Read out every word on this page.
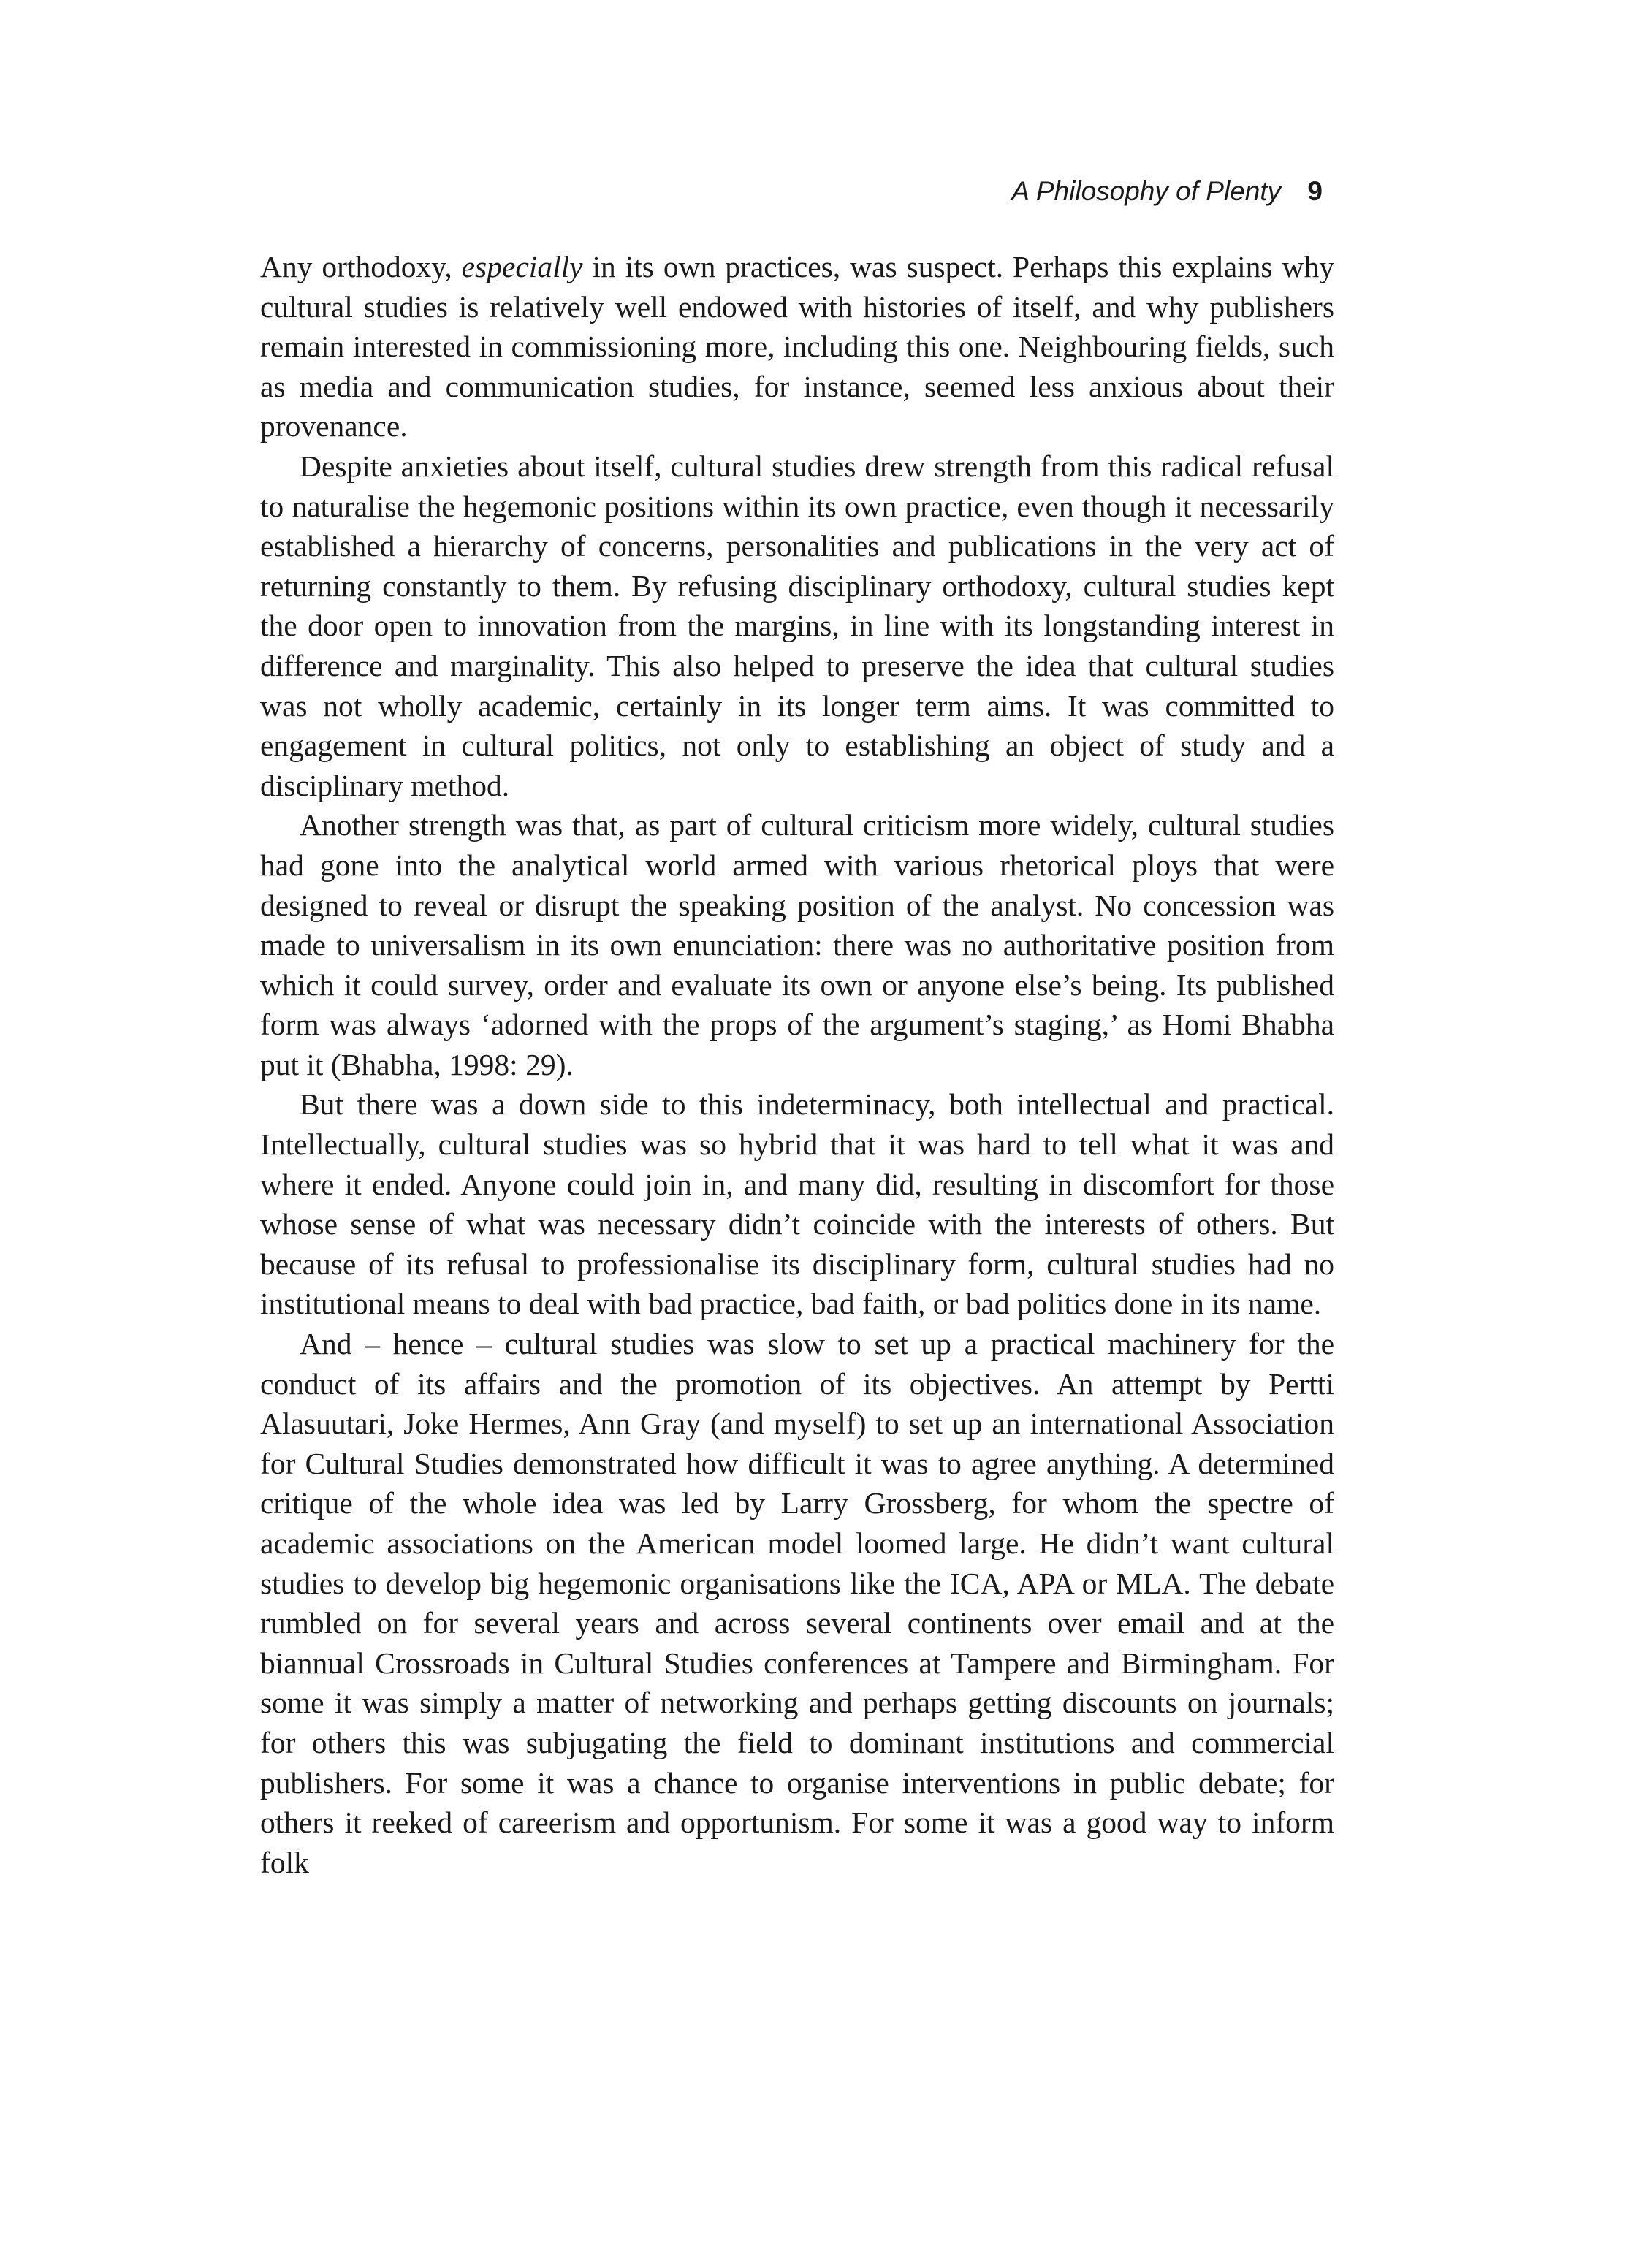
A Philosophy of Plenty 9

Any orthodoxy, especially in its own practices, was suspect. Perhaps this explains why cultural studies is relatively well endowed with histories of itself, and why publishers remain interested in commissioning more, including this one. Neighbouring fields, such as media and communication studies, for instance, seemed less anxious about their provenance.

Despite anxieties about itself, cultural studies drew strength from this radical refusal to naturalise the hegemonic positions within its own practice, even though it necessarily established a hierarchy of concerns, personalities and publications in the very act of returning constantly to them. By refusing disciplinary orthodoxy, cultural studies kept the door open to innovation from the margins, in line with its longstanding interest in difference and marginality. This also helped to preserve the idea that cultural studies was not wholly academic, certainly in its longer term aims. It was committed to engagement in cultural politics, not only to establishing an object of study and a disciplinary method.

Another strength was that, as part of cultural criticism more widely, cultural studies had gone into the analytical world armed with various rhetorical ploys that were designed to reveal or disrupt the speaking position of the analyst. No concession was made to universalism in its own enunciation: there was no authoritative position from which it could survey, order and evaluate its own or anyone else’s being. Its published form was always ‘adorned with the props of the argument’s staging,’ as Homi Bhabha put it (Bhabha, 1998: 29).

But there was a down side to this indeterminacy, both intellectual and practical. Intellectually, cultural studies was so hybrid that it was hard to tell what it was and where it ended. Anyone could join in, and many did, resulting in discomfort for those whose sense of what was necessary didn’t coincide with the interests of others. But because of its refusal to professionalise its disciplinary form, cultural studies had no institutional means to deal with bad practice, bad faith, or bad politics done in its name.

And – hence – cultural studies was slow to set up a practical machinery for the conduct of its affairs and the promotion of its objectives. An attempt by Pertti Alasuutari, Joke Hermes, Ann Gray (and myself) to set up an international Association for Cultural Studies demonstrated how difficult it was to agree anything. A determined critique of the whole idea was led by Larry Grossberg, for whom the spectre of academic associations on the American model loomed large. He didn’t want cultural studies to develop big hegemonic organisations like the ICA, APA or MLA. The debate rumbled on for several years and across several continents over email and at the biannual Crossroads in Cultural Studies conferences at Tampere and Birmingham. For some it was simply a matter of networking and perhaps getting discounts on journals; for others this was subjugating the field to dominant institutions and commercial publishers. For some it was a chance to organise interventions in public debate; for others it reeked of careerism and opportunism. For some it was a good way to inform folk
